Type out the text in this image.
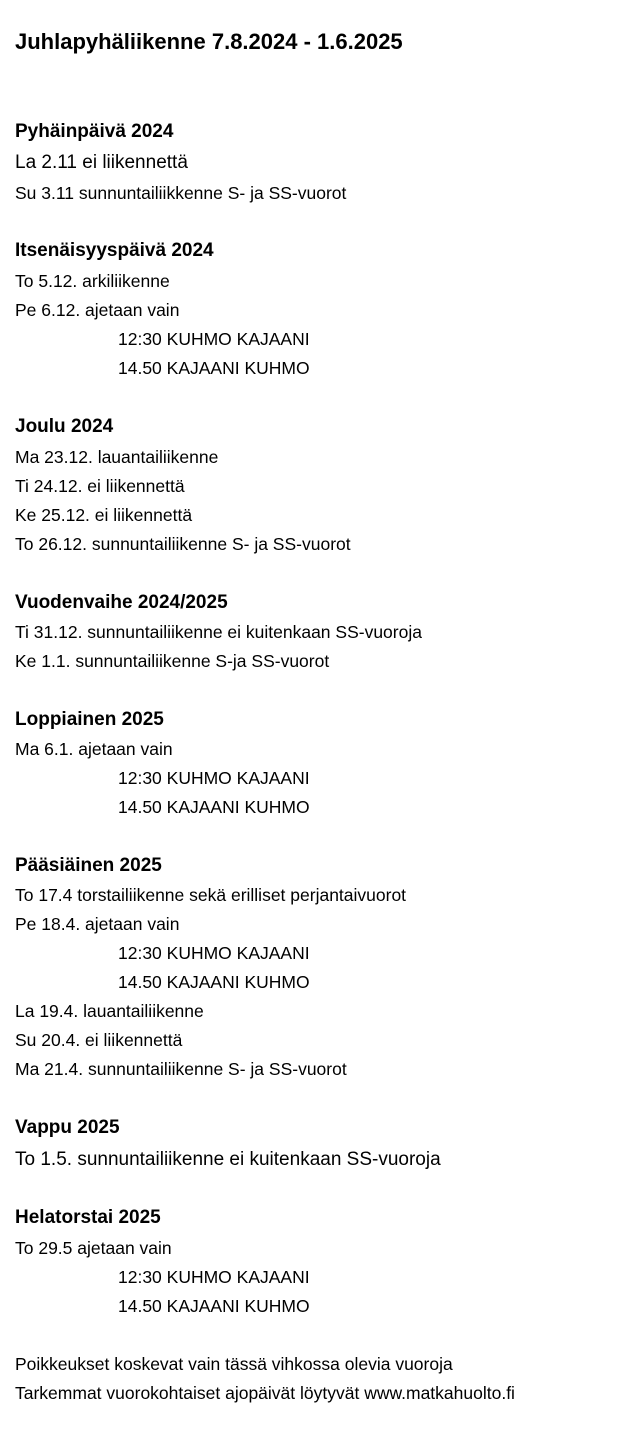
Juhlapyhäliikenne 7.8.2024 - 1.6.2025
Pyhäinpäivä 2024
La 2.11 ei liikennettä
Su 3.11 sunnuntailiikkenne S- ja SS-vuorot
Itsenäisyyspäivä 2024
To 5.12. arkiliikenne
Pe 6.12. ajetaan vain
12:30 KUHMO KAJAANI
14.50 KAJAANI KUHMO
Joulu 2024
Ma 23.12. lauantailiikenne
Ti 24.12. ei liikennettä
Ke 25.12. ei liikennettä
To 26.12. sunnuntailiikenne S- ja SS-vuorot
Vuodenvaihe 2024/2025
Ti 31.12. sunnuntailiikenne ei kuitenkaan SS-vuoroja
Ke 1.1. sunnuntailiikenne S-ja SS-vuorot
Loppiainen 2025
Ma 6.1. ajetaan vain
12:30 KUHMO KAJAANI
14.50 KAJAANI KUHMO
Pääsiäinen 2025
To 17.4 torstailiikenne sekä erilliset perjantaivuorot
Pe 18.4. ajetaan vain
12:30 KUHMO KAJAANI
14.50 KAJAANI KUHMO
La 19.4. lauantailiikenne
Su 20.4. ei liikennettä
Ma 21.4. sunnuntailiikenne S- ja SS-vuorot
Vappu 2025
To 1.5. sunnuntailiikenne ei kuitenkaan SS-vuoroja
Helatorstai 2025
To 29.5 ajetaan vain
12:30 KUHMO KAJAANI
14.50 KAJAANI KUHMO
Poikkeukset koskevat vain tässä vihkossa olevia vuoroja
Tarkemmat vuorokohtaiset ajopäivät löytyvät www.matkahuolto.fi
